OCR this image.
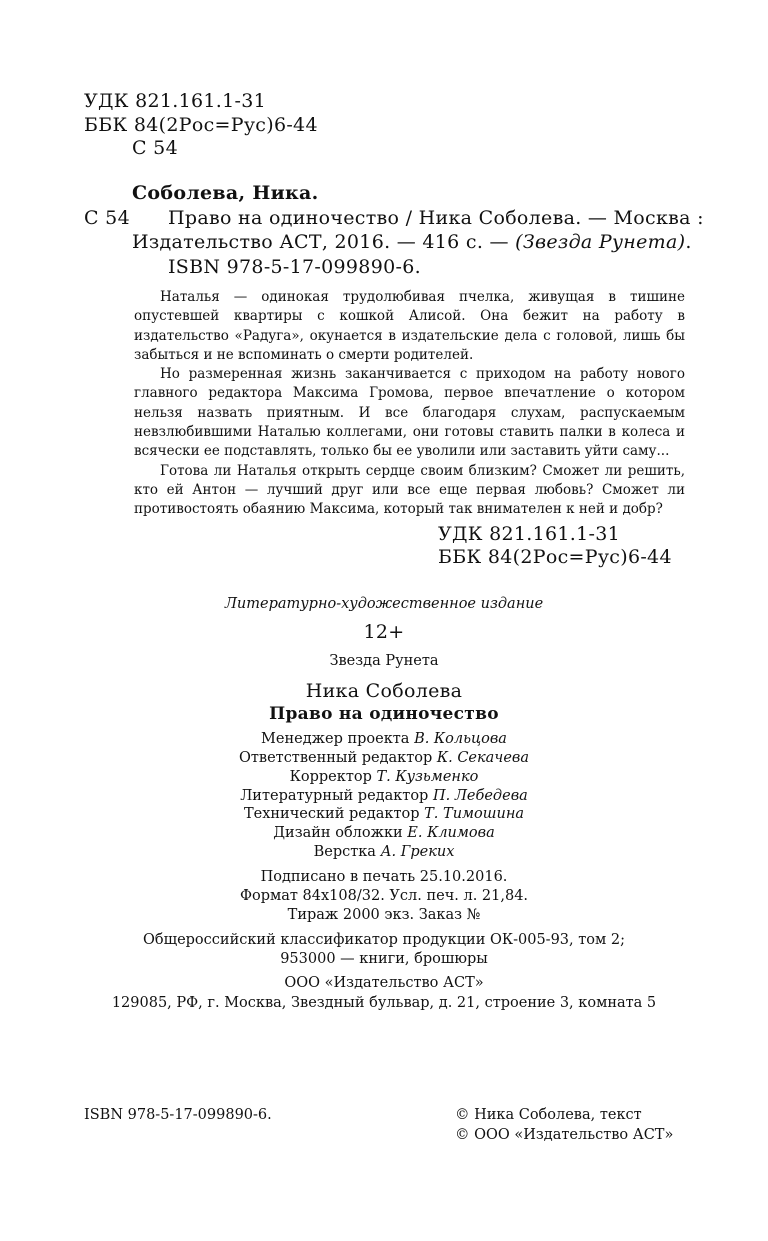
УДК 821.161.1-31
ББК 84(2Рос=Рус)6-44
С 54
Соболева, Ника.
С 54 Право на одиночество / Ника Соболева. — Москва :
Издательство АСТ, 2016. — 416 с. — (Звезда Рунета).
ISBN 978-5-17-099890-6.

Наталья — одинокая трудолюбивая пчелка, живущая в тишине опустевшей квартиры с кошкой Алисой. Она бежит на работу в издательство «Радуга», окунается в издательские дела с головой, лишь бы забыться и не вспоминать о смерти родителей.

Но размеренная жизнь заканчивается с приходом на работу нового главного редактора Максима Громова, первое впечатление о котором нельзя назвать приятным. И все благодаря слухам, распускаемым невзлюбившими Наталью коллегами, они готовы ставить палки в колеса и всячески ее подставлять, только бы ее уволили или заставить уйти саму...

Готова ли Наталья открыть сердце своим близким? Сможет ли решить, кто ей Антон — лучший друг или все еще первая любовь? Сможет ли противостоять обаянию Максима, который так внимателен к ней и добр?

УДК 821.161.1-31
ББК 84(2Рос=Рус)6-44
Литературно-художественное издание
12+
Звезда Рунета
Ника Соболева
Право на одиночество
Менеджер проекта В. Кольцова
Ответственный редактор К. Секачева
Корректор Т. Кузьменко
Литературный редактор П. Лебедева
Технический редактор Т. Тимошина
Дизайн обложки Е. Климова
Верстка А. Греких
Подписано в печать 25.10.2016.
Формат 84x108/32. Усл. печ. л. 21,84.
Тираж 2000 экз. Заказ №
Общероссийский классификатор продукции ОК-005-93, том 2;
953000 — книги, брошюры
ООО «Издательство АСТ»
129085, РФ, г. Москва, Звездный бульвар, д. 21, строение 3, комната 5
ISBN 978-5-17-099890-6.	© Ника Соболева, текст
© ООО «Издательство АСТ»
